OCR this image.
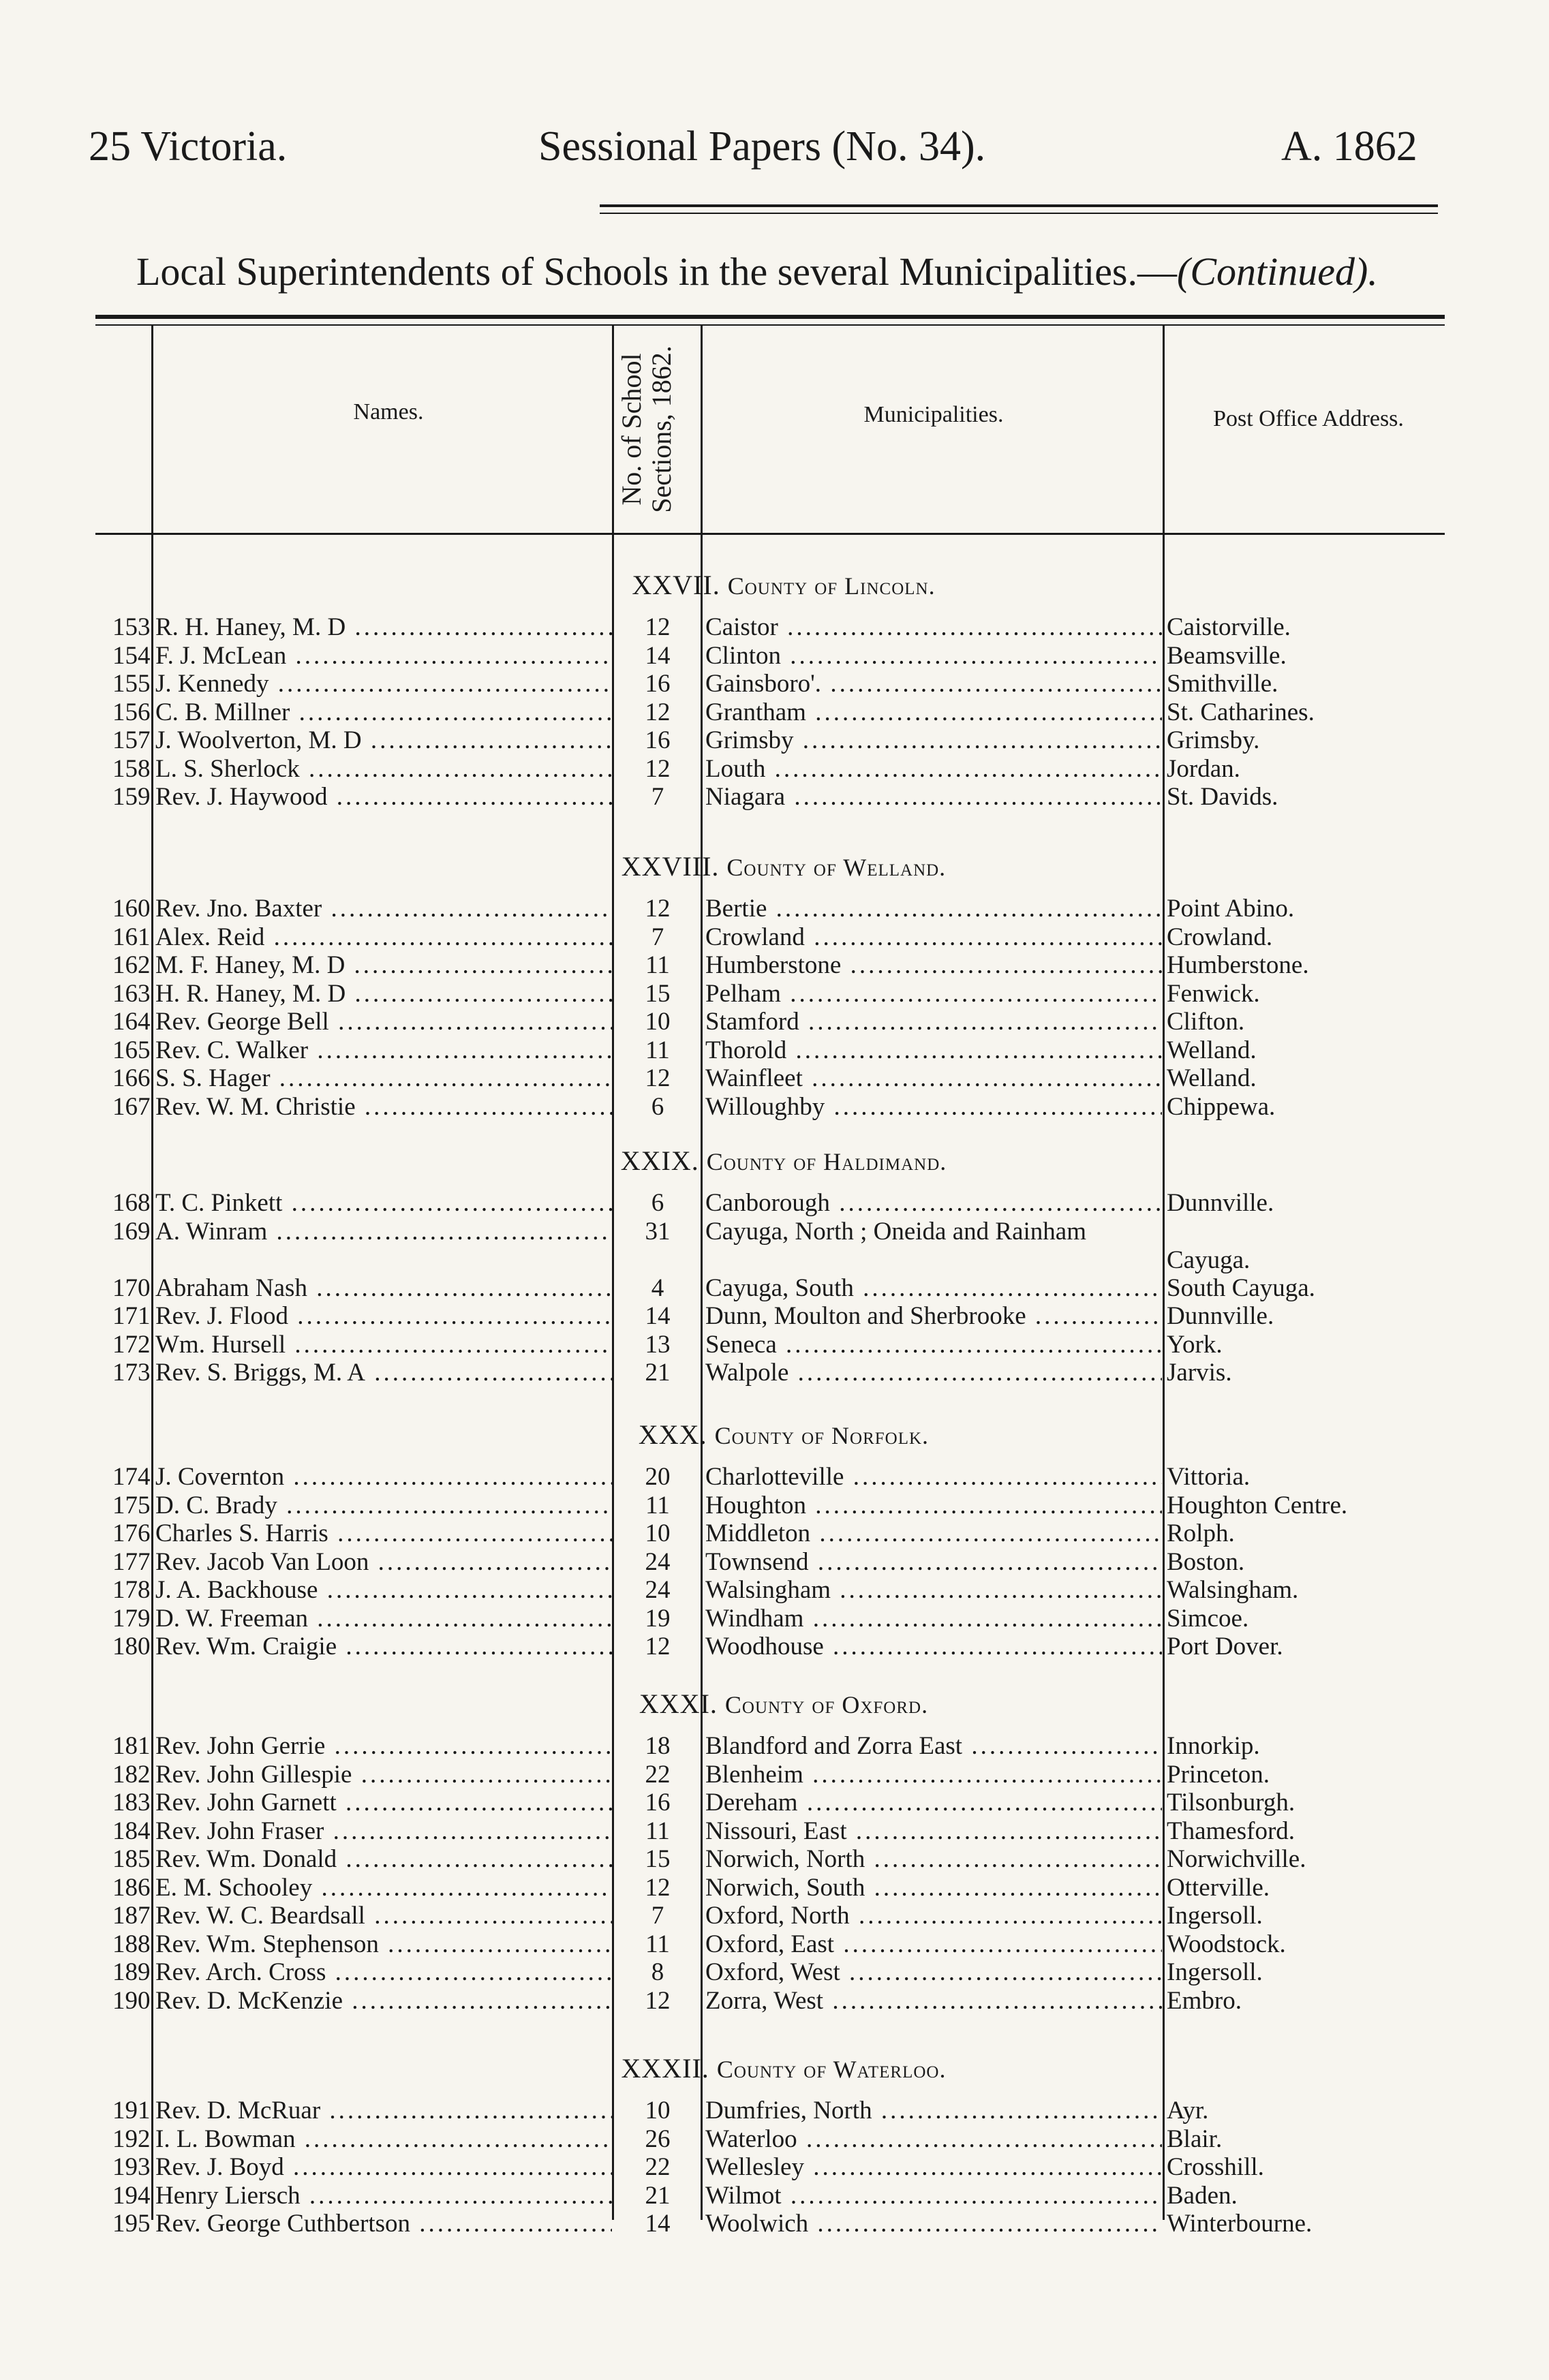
25 Victoria.	Sessional Papers (No. 34).	A. 1862
Local Superintendents of Schools in the several Municipalities.—(Continued).
Names.	No. of School Sections, 1862.	Municipalities.	Post Office Address.
XXVII. County of Lincoln.
153 R. H. Haney, M. D .....	12	Caistor .....	Caistorville.
154 F. J. McLean .....	14	Clinton .....	Beamsville.
155 J. Kennedy .....	16	Gainsboro'. .....	Smithville.
156 C. B. Millner .....	12	Grantham .....	St. Catharines.
157 J. Woolverton, M. D .....	16	Grimsby .....	Grimsby.
158 L. S. Sherlock .....	12	Louth .....	Jordan.
159 Rev. J. Haywood .....	7	Niagara .....	St. Davids.
XXVIII. County of Welland.
160 Rev. Jno. Baxter .....	12	Bertie .....	Point Abino.
161 Alex. Reid .....	7	Crowland .....	Crowland.
162 M. F. Haney, M. D .....	11	Humberstone .....	Humberstone.
163 H. R. Haney, M. D .....	15	Pelham .....	Fenwick.
164 Rev. George Bell .....	10	Stamford .....	Clifton.
165 Rev. C. Walker .....	11	Thorold .....	Welland.
166 S. S. Hager .....	12	Wainfleet .....	Welland.
167 Rev. W. M. Christie .....	6	Willoughby .....	Chippewa.
XXIX. County of Haldimand.
168 T. C. Pinkett .....	6	Canborough .....	Dunnville.
169 A. Winram .....	31	Cayuga, North ; Oneida and Rainham
Cayuga.
170 Abraham Nash .....	4	Cayuga, South .....	South Cayuga.
171 Rev. J. Flood .....	14	Dunn, Moulton and Sherbrooke .....	Dunnville.
172 Wm. Hursell .....	13	Seneca .....	York.
173 Rev. S. Briggs, M. A .....	21	Walpole .....	Jarvis.
XXX. County of Norfolk.
174 J. Covernton .....	20	Charlotteville .....	Vittoria.
175 D. C. Brady .....	11	Houghton .....	Houghton Centre.
176 Charles S. Harris .....	10	Middleton .....	Rolph.
177 Rev. Jacob Van Loon .....	24	Townsend .....	Boston.
178 J. A. Backhouse .....	24	Walsingham .....	Walsingham.
179 D. W. Freeman .....	19	Windham .....	Simcoe.
180 Rev. Wm. Craigie .....	12	Woodhouse .....	Port Dover.
XXXI. County of Oxford.
181 Rev. John Gerrie .....	18	Blandford and Zorra East .....	Innorkip.
182 Rev. John Gillespie .....	22	Blenheim .....	Princeton.
183 Rev. John Garnett .....	16	Dereham .....	Tilsonburgh.
184 Rev. John Fraser .....	11	Nissouri, East .....	Thamesford.
185 Rev. Wm. Donald .....	15	Norwich, North .....	Norwichville.
186 E. M. Schooley .....	12	Norwich, South .....	Otterville.
187 Rev. W. C. Beardsall .....	7	Oxford, North .....	Ingersoll.
188 Rev. Wm. Stephenson .....	11	Oxford, East .....	Woodstock.
189 Rev. Arch. Cross .....	8	Oxford, West .....	Ingersoll.
190 Rev. D. McKenzie .....	12	Zorra, West .....	Embro.
XXXII. County of Waterloo.
191 Rev. D. McRuar .....	10	Dumfries, North .....	Ayr.
192 I. L. Bowman .....	26	Waterloo .....	Blair.
193 Rev. J. Boyd .....	22	Wellesley .....	Crosshill.
194 Henry Liersch .....	21	Wilmot .....	Baden.
195 Rev. George Cuthbertson .....	14	Woolwich .....	Winterbourne.
